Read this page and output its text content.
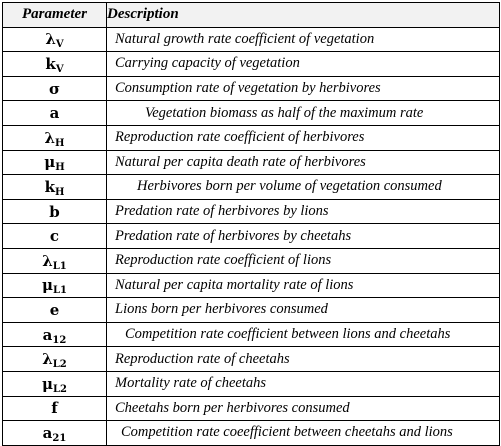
Parameter	Description
$\lambda_V$	Natural growth rate coefficient of vegetation
$k_V$	Carrying capacity of vegetation
σ	Consumption rate of vegetation by herbivores
a	Vegetation biomass as half of the maximum rate
$\lambda_H$	Reproduction rate coefficient of herbivores
$\mu_H$	Natural per capita death rate of herbivores
$k_H$	Herbivores born per volume of vegetation consumed
b	Predation rate of herbivores by lions
c	Predation rate of herbivores by cheetahs
$\lambda_{L1}$	Reproduction rate coefficient of lions
$\mu_{L1}$	Natural per capita mortality rate of lions
e	Lions born per herbivores consumed
$a_{12}$	Competition rate coefficient between lions and cheetahs
$\lambda_{L2}$	Reproduction rate of cheetahs
$\mu_{L2}$	Mortality rate of cheetahs
f	Cheetahs born per herbivores consumed
$a_{21}$	Competition rate coeefficient between cheetahs and lions
